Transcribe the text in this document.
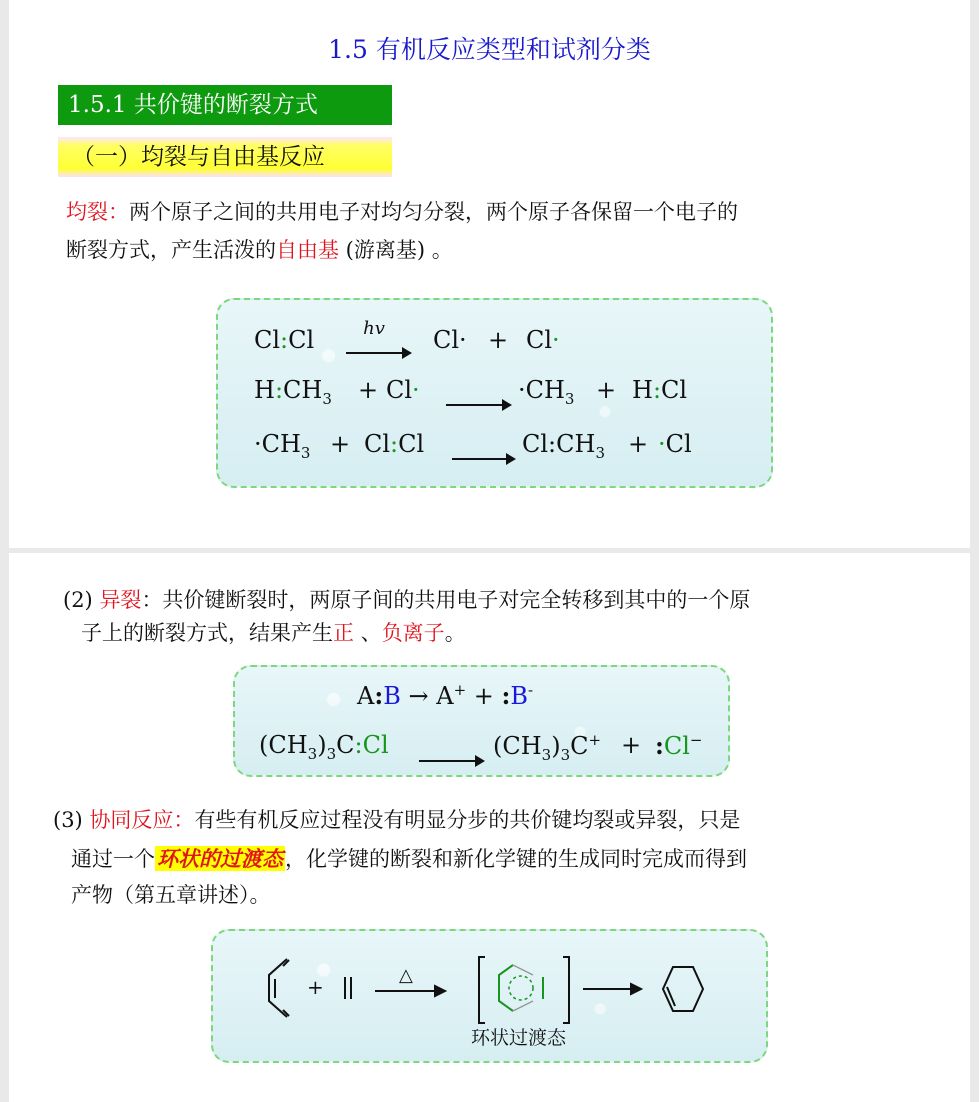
1.5 有机反应类型和试剂分类
1.5.1 共价键的断裂方式
（一）均裂与自由基反应
均裂：两个原子之间的共用电子对均匀分裂，两个原子各保留一个电子的
断裂方式，产生活泼的自由基 (游离基) 。
Cl:Cl	hv	Cl· + Cl·
$H:CH_3 + Cl\cdot$	$\cdot CH_3$ + H:Cl
$\cdot CH_3$ + Cl:Cl	$Cl:CH_3 + \cdot Cl$
(2) 异裂：共价键断裂时，两原子间的共用电子对完全转移到其中的一个原
子上的断裂方式，结果产生正 、负离子。
A:B → A+ + :B-
$(CH_3)_3C:Cl$	$(CH_3)_3C^+$ + :Cl−
(3) 协同反应：有些有机反应过程没有明显分步的共价键均裂或异裂，只是
通过一个环状的过渡态，化学键的断裂和新化学键的生成同时完成而得到
产物（第五章讲述）。
+	△
环状过渡态
